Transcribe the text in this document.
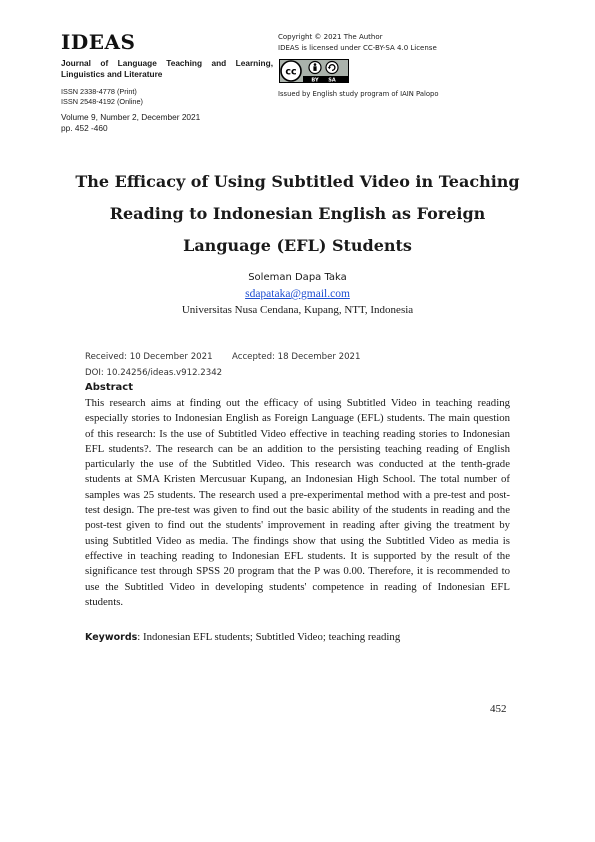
IDEAS
Journal of Language Teaching and Learning, Linguistics and Literature
ISSN 2338-4778 (Print)
ISSN 2548-4192 (Online)
Volume 9, Number 2, December 2021
pp. 452 -460
Copyright © 2021 The Author
IDEAS is licensed under CC-BY-SA 4.0 License
cc
BY SA
Issued by English study program of IAIN Palopo
The Efficacy of Using Subtitled Video in Teaching
Reading to Indonesian English as Foreign
Language (EFL) Students
Soleman Dapa Taka
sdapataka@gmail.com
Universitas Nusa Cendana, Kupang, NTT, Indonesia
Received: 10 December 2021 Accepted: 18 December 2021
DOI: 10.24256/ideas.v912.2342
Abstract
This research aims at finding out the efficacy of using Subtitled Video in teaching reading especially stories to Indonesian English as Foreign Language (EFL) students. The main question of this research: Is the use of Subtitled Video effective in teaching reading stories to Indonesian EFL students?. The research can be an addition to the persisting teaching reading of English particularly the use of the Subtitled Video. This research was conducted at the tenth-grade students at SMA Kristen Mercusuar Kupang, an Indonesian High School. The total number of samples was 25 students. The research used a pre-experimental method with a pre-test and post-test design. The pre-test was given to find out the basic ability of the students in reading and the post-test given to find out the students' improvement in reading after giving the treatment by using Subtitled Video as media. The findings show that using the Subtitled Video as media is effective in teaching reading to Indonesian EFL students. It is supported by the result of the significance test through SPSS 20 program that the P was 0.00. Therefore, it is recommended to use the Subtitled Video in developing students' competence in reading of Indonesian EFL students.
Keywords: Indonesian EFL students; Subtitled Video; teaching reading
452
